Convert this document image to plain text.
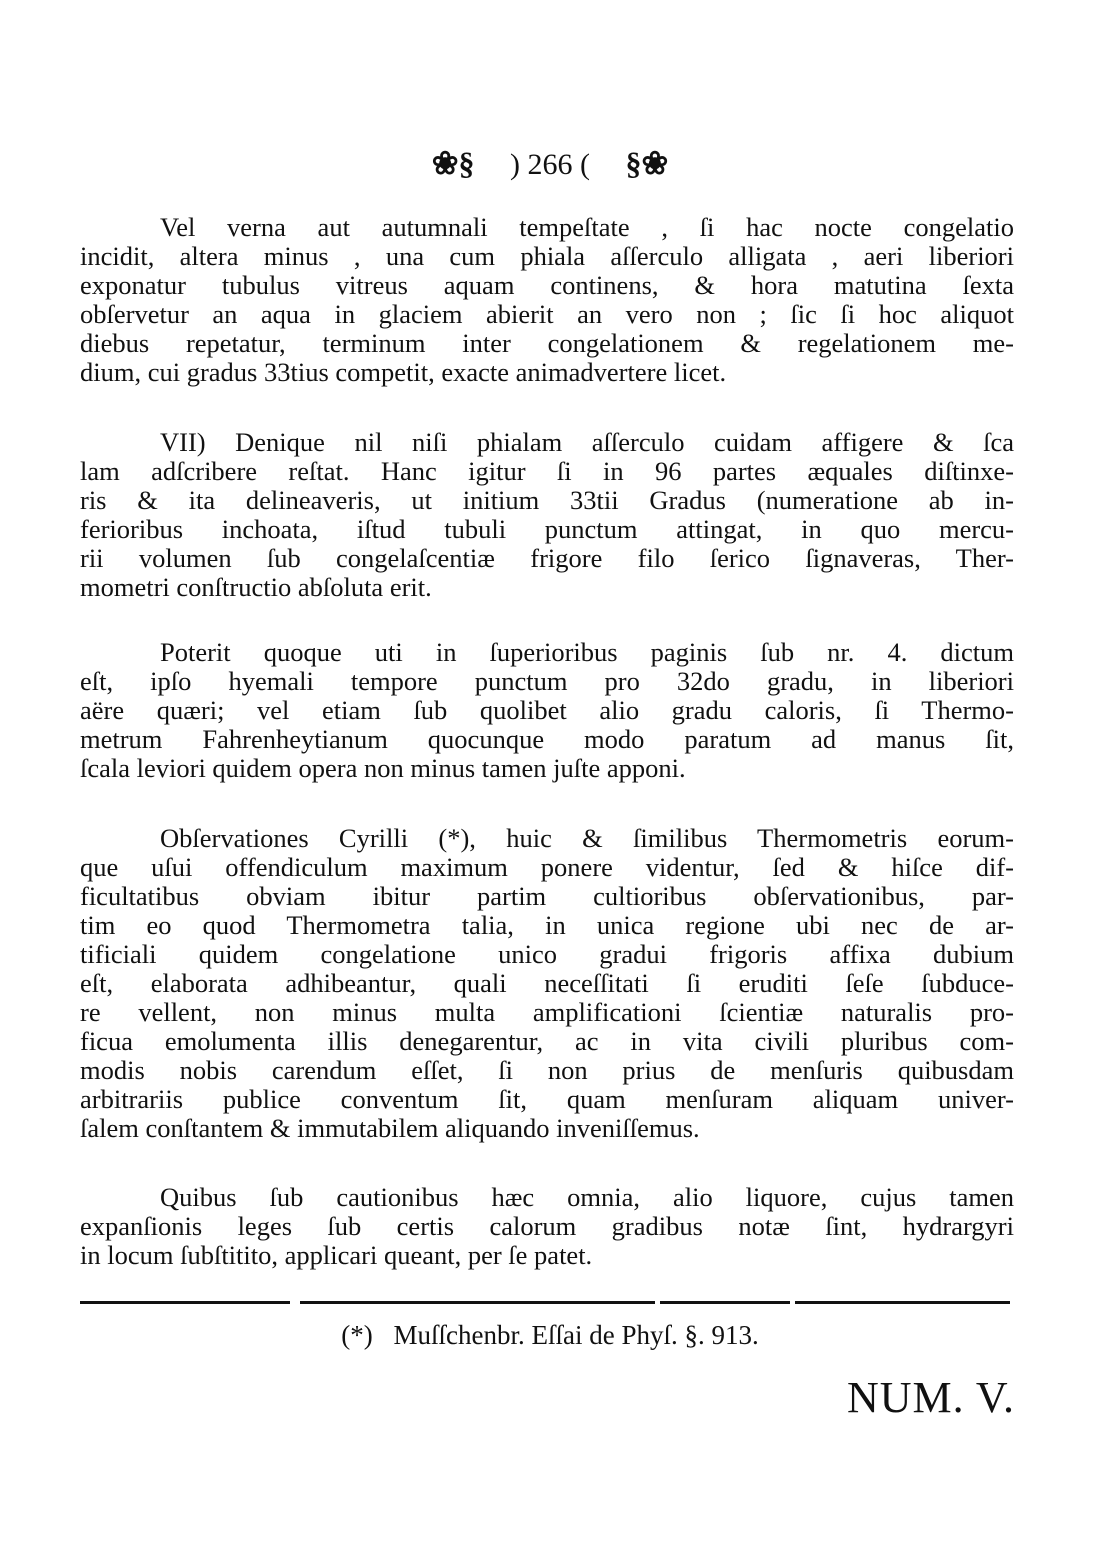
❀§ ) 266 ( §❀
Vel verna aut autumnali tempeſtate , ſi hac nocte congelatio
incidit, altera minus , una cum phiala aſſerculo alligata , aeri liberiori
exponatur tubulus vitreus aquam continens, & hora matutina ſexta
obſervetur an aqua in glaciem abierit an vero non ; ſic ſi hoc aliquot
diebus repetatur, terminum inter congelationem & regelationem me-
dium, cui gradus 33tius competit, exacte animadvertere licet.
VII) Denique nil niſi phialam aſſerculo cuidam affigere & ſca
lam adſcribere reſtat. Hanc igitur ſi in 96 partes æquales diſtinxe-
ris & ita delineaveris, ut initium 33tii Gradus (numeratione ab in-
ferioribus inchoata, iſtud tubuli punctum attingat, in quo mercu-
rii volumen ſub congelaſcentiæ frigore filo ſerico ſignaveras, Ther-
mometri conſtructio abſoluta erit.
Poterit quoque uti in ſuperioribus paginis ſub nr. 4. dictum
eſt, ipſo hyemali tempore punctum pro 32do gradu, in liberiori
aëre quæri; vel etiam ſub quolibet alio gradu caloris, ſi Thermo-
metrum Fahrenheytianum quocunque modo paratum ad manus ſit,
ſcala leviori quidem opera non minus tamen juſte apponi.
Obſervationes Cyrilli (*), huic & ſimilibus Thermometris eorum-
que uſui offendiculum maximum ponere videntur, ſed & hiſce dif-
ficultatibus obviam ibitur partim cultioribus obſervationibus, par-
tim eo quod Thermometra talia, in unica regione ubi nec de ar-
tificiali quidem congelatione unico gradui frigoris affixa dubium
eſt, elaborata adhibeantur, quali neceſſitati ſi eruditi ſeſe ſubduce-
re vellent, non minus multa amplificationi ſcientiæ naturalis pro-
ficua emolumenta illis denegarentur, ac in vita civili pluribus com-
modis nobis carendum eſſet, ſi non prius de menſuris quibusdam
arbitrariis publice conventum ſit, quam menſuram aliquam univer-
ſalem conſtantem & immutabilem aliquando inveniſſemus.
Quibus ſub cautionibus hæc omnia, alio liquore, cujus tamen
expanſionis leges ſub certis calorum gradibus notæ ſint, hydrargyri
in locum ſubſtitito, applicari queant, per ſe patet.
(*) Muſſchenbr. Eſſai de Phyſ. §. 913.
NUM. V.
